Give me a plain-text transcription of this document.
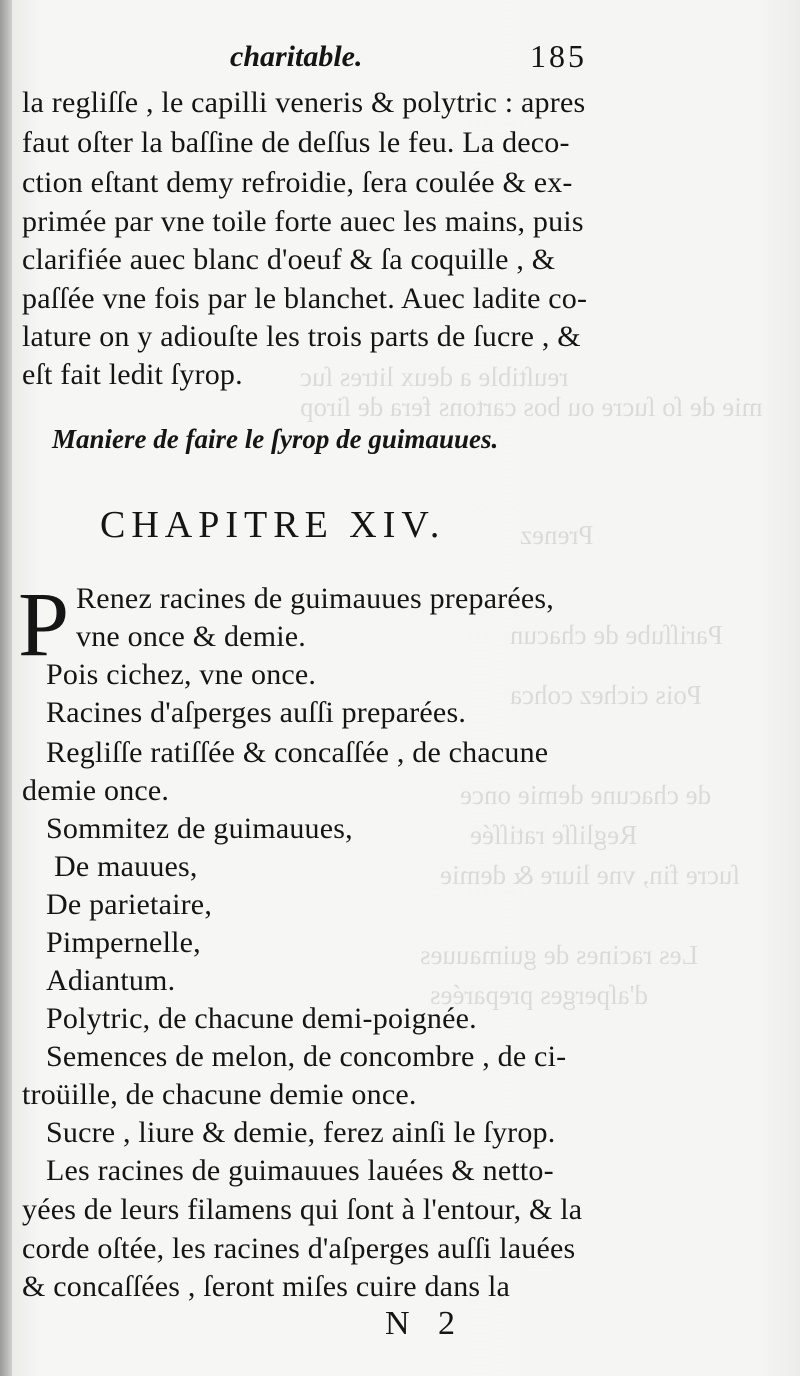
reuſtible a deux litres ſuc
mie de ſo ſucre ou bos cartons fera de ſirop
Prenez
Pariſſube de chacun
Pois cichez cohca
de chacune demie once
Regliſſe ratiſſée
ſucre fin, vne liure & demie
Les racines de guimauues
d'aſperges preparées
charitable.	185
la regliſſe , le capilli veneris & polytric : apres
faut oſter la baſſine de deſſus le feu. La deco-
ction eſtant demy refroidie, ſera coulée & ex-
primée par vne toile forte auec les mains, puis
clarifiée auec blanc d'oeuf & ſa coquille , &
paſſée vne fois par le blanchet. Auec ladite co-
lature on y adiouſte les trois parts de ſucre , &
eſt fait ledit ſyrop.
Maniere de faire le ſyrop de guimauues.
CHAPITRE XIV.
P Renez racines de guimauues preparées,
vne once & demie.
Pois cichez, vne once.
Racines d'aſperges auſſi preparées.
Regliſſe ratiſſée & concaſſée , de chacune
demie once.
Sommitez de guimauues,
De mauues,
De parietaire,
Pimpernelle,
Adiantum.
Polytric, de chacune demi-poignée.
Semences de melon, de concombre , de ci-
troüille, de chacune demie once.
Sucre , liure & demie, ferez ainſi le ſyrop.
Les racines de guimauues lauées & netto-
yées de leurs filamens qui ſont à l'entour, & la
corde oſtée, les racines d'aſperges auſſi lauées
& concaſſées , ſeront miſes cuire dans la
N 2
